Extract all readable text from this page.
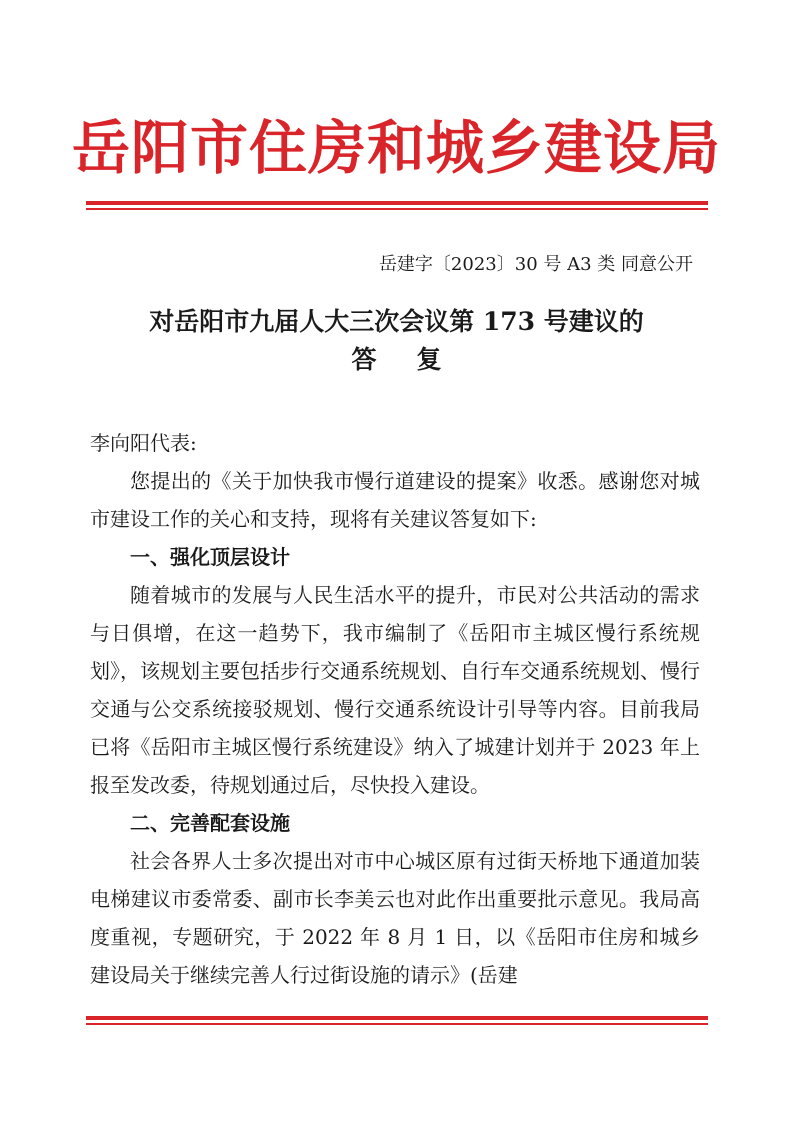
岳阳市住房和城乡建设局
岳建字〔2023〕30 号 A3 类 同意公开
对岳阳市九届人大三次会议第 173 号建议的
答复

李向阳代表:

您提出的《关于加快我市慢行道建设的提案》收悉。感谢您对城市建设工作的关心和支持，现将有关建议答复如下:

一、强化顶层设计

随着城市的发展与人民生活水平的提升，市民对公共活动的需求与日俱增，在这一趋势下，我市编制了《岳阳市主城区慢行系统规划》，该规划主要包括步行交通系统规划、自行车交通系统规划、慢行交通与公交系统接驳规划、慢行交通系统设计引导等内容。目前我局已将《岳阳市主城区慢行系统建设》纳入了城建计划并于 2023 年上报至发改委，待规划通过后，尽快投入建设。

二、完善配套设施

社会各界人士多次提出对市中心城区原有过街天桥地下通道加装电梯建议市委常委、副市长李美云也对此作出重要批示意见。我局高度重视，专题研究，于 2022 年 8 月 1 日，以《岳阳市住房和城乡建设局关于继续完善人行过街设施的请示》(岳建
